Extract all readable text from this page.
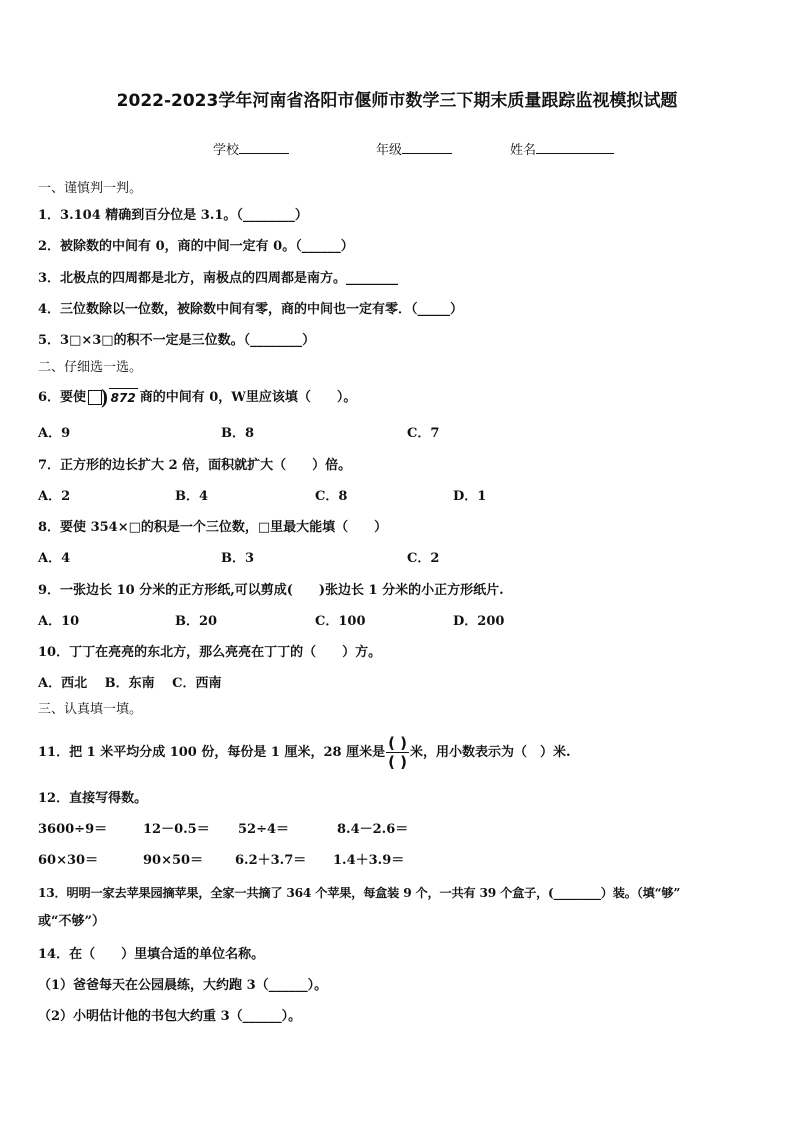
2022-2023学年河南省洛阳市偃师市数学三下期末质量跟踪监视模拟试题
学校	年级	姓名
一、谨慎判一判。
1．3.104 精确到百分位是 3.1。（________）
2．被除数的中间有 0，商的中间一定有 0。（______）
3．北极点的四周都是北方，南极点的四周都是南方。________
4．三位数除以一位数，被除数中间有零，商的中间也一定有零．（_____）
5．3□×3□的积不一定是三位数。（________）
二、仔细选一选。
6．要使 ) 872 商的中间有 0，W里应该填（　　）。
A．9	B．8	C．7
7．正方形的边长扩大 2 倍，面积就扩大（　　）倍。
A．2	B．4	C．8	D．1
8．要使 354×□的积是一个三位数，□里最大能填（　　）
A．4	B．3	C．2
9．一张边长 10 分米的正方形纸,可以剪成(　　)张边长 1 分米的小正方形纸片.
A．10	B．20	C．100	D．200
10．丁丁在亮亮的东北方，那么亮亮在丁丁的（　　）方。
A．西北　 B．东南　 C．西南
三、认真填一填。
11．把 1 米平均分成 100 份，每份是 1 厘米，28 厘米是 $\frac{( )}{( )}$ 米，用小数表示为（　）米.
12．直接写得数。
3600÷9＝	12－0.5＝ 52÷4＝	8.4－2.6＝
60×30＝	90×50＝ 6.2＋3.7＝ 1.4＋3.9＝
13．明明一家去苹果园摘苹果，全家一共摘了 364 个苹果，每盒装 9 个，一共有 39 个盒子，(________）装。（填“够”
或“不够”）
14．在（　　）里填合适的单位名称。
（1）爸爸每天在公园晨练，大约跑 3（______）。
（2）小明估计他的书包大约重 3（______）。
